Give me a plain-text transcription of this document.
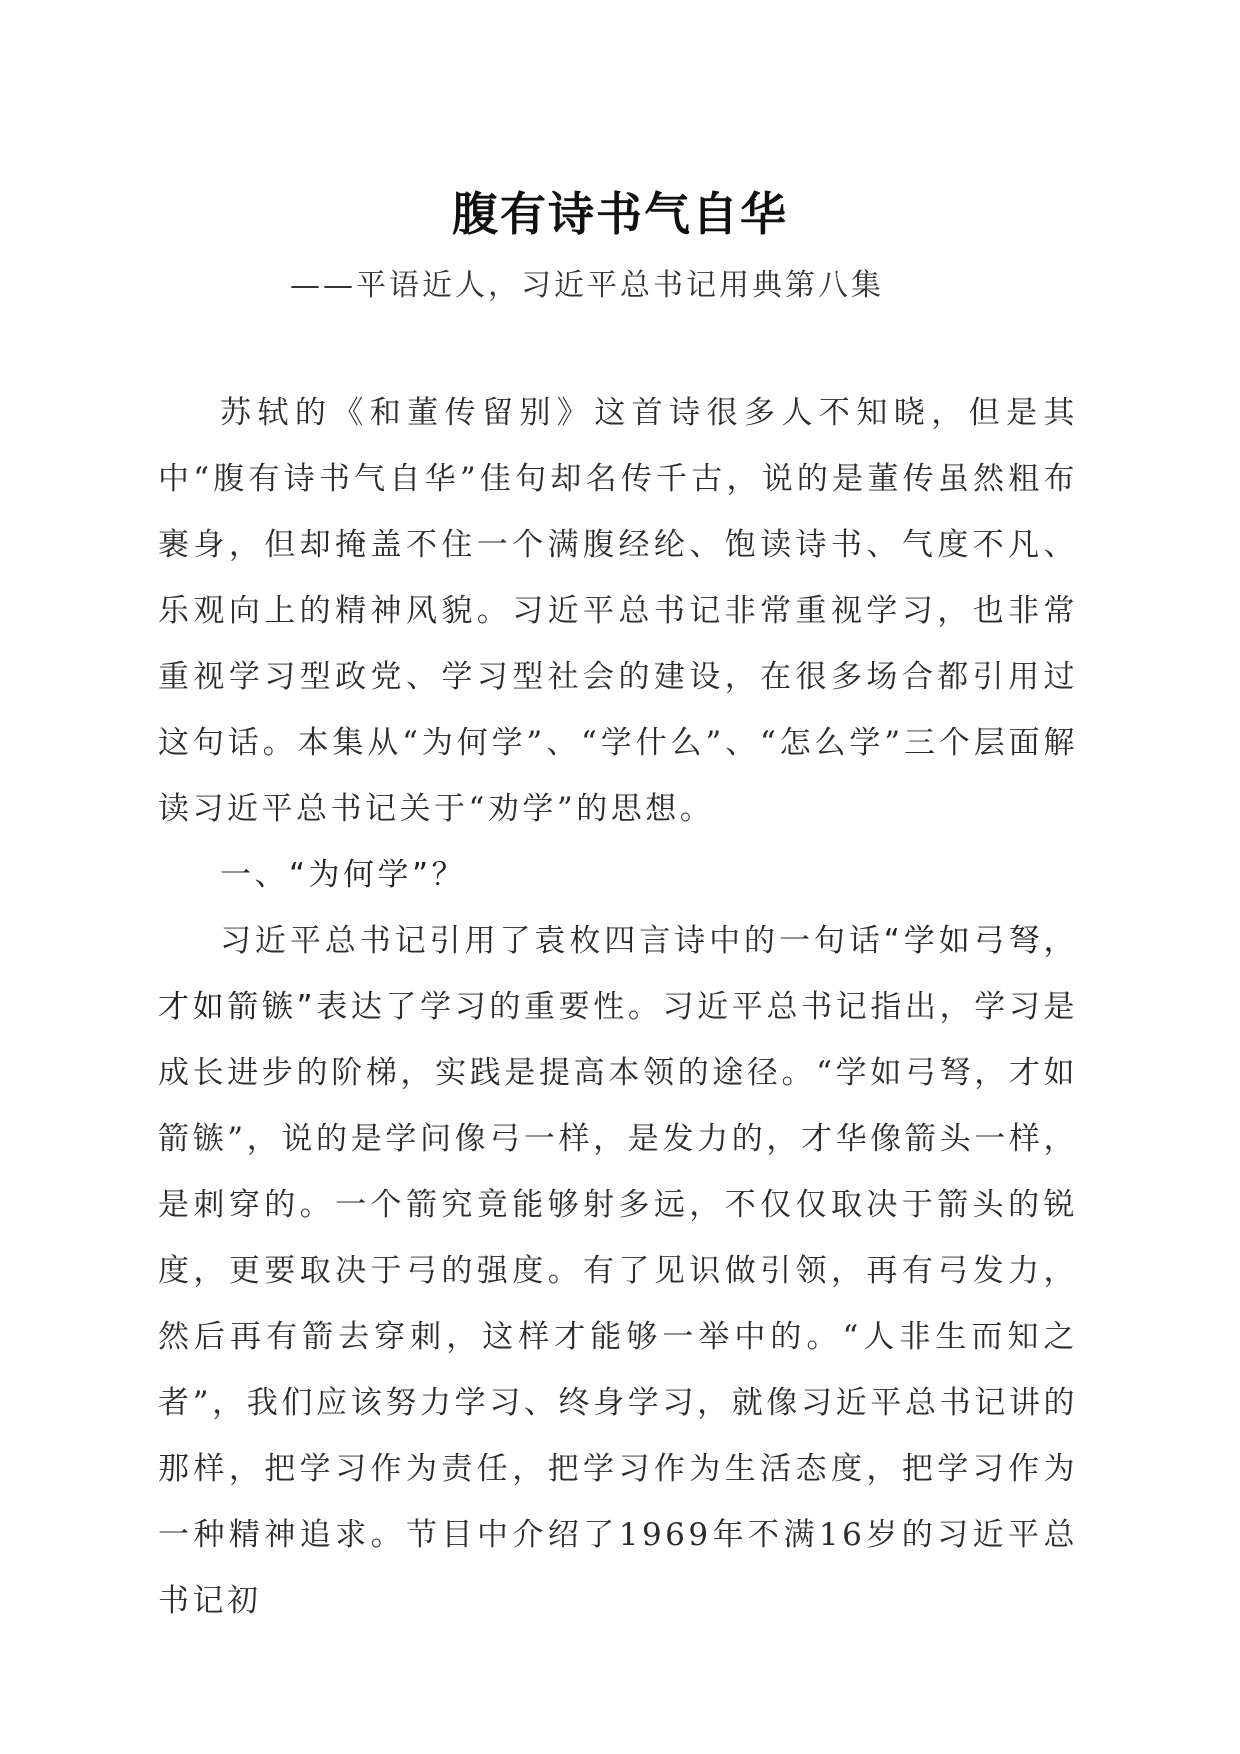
腹有诗书气自华
——平语近人，习近平总书记用典第八集

苏轼的《和董传留别》这首诗很多人不知晓，但是其中“腹有诗书气自华”佳句却名传千古，说的是董传虽然粗布裹身，但却掩盖不住一个满腹经纶、饱读诗书、气度不凡、乐观向上的精神风貌。习近平总书记非常重视学习，也非常重视学习型政党、学习型社会的建设，在很多场合都引用过这句话。本集从“为何学”、“学什么”、“怎么学”三个层面解读习近平总书记关于“劝学”的思想。

一、“为何学”？

习近平总书记引用了袁枚四言诗中的一句话“学如弓弩，才如箭镞”表达了学习的重要性。习近平总书记指出，学习是成长进步的阶梯，实践是提高本领的途径。“学如弓弩，才如箭镞”，说的是学问像弓一样，是发力的，才华像箭头一样，是刺穿的。一个箭究竟能够射多远，不仅仅取决于箭头的锐度，更要取决于弓的强度。有了见识做引领，再有弓发力，然后再有箭去穿刺，这样才能够一举中的。“人非生而知之者”，我们应该努力学习、终身学习，就像习近平总书记讲的那样，把学习作为责任，把学习作为生活态度，把学习作为一种精神追求。节目中介绍了1969年不满16岁的习近平总书记初
